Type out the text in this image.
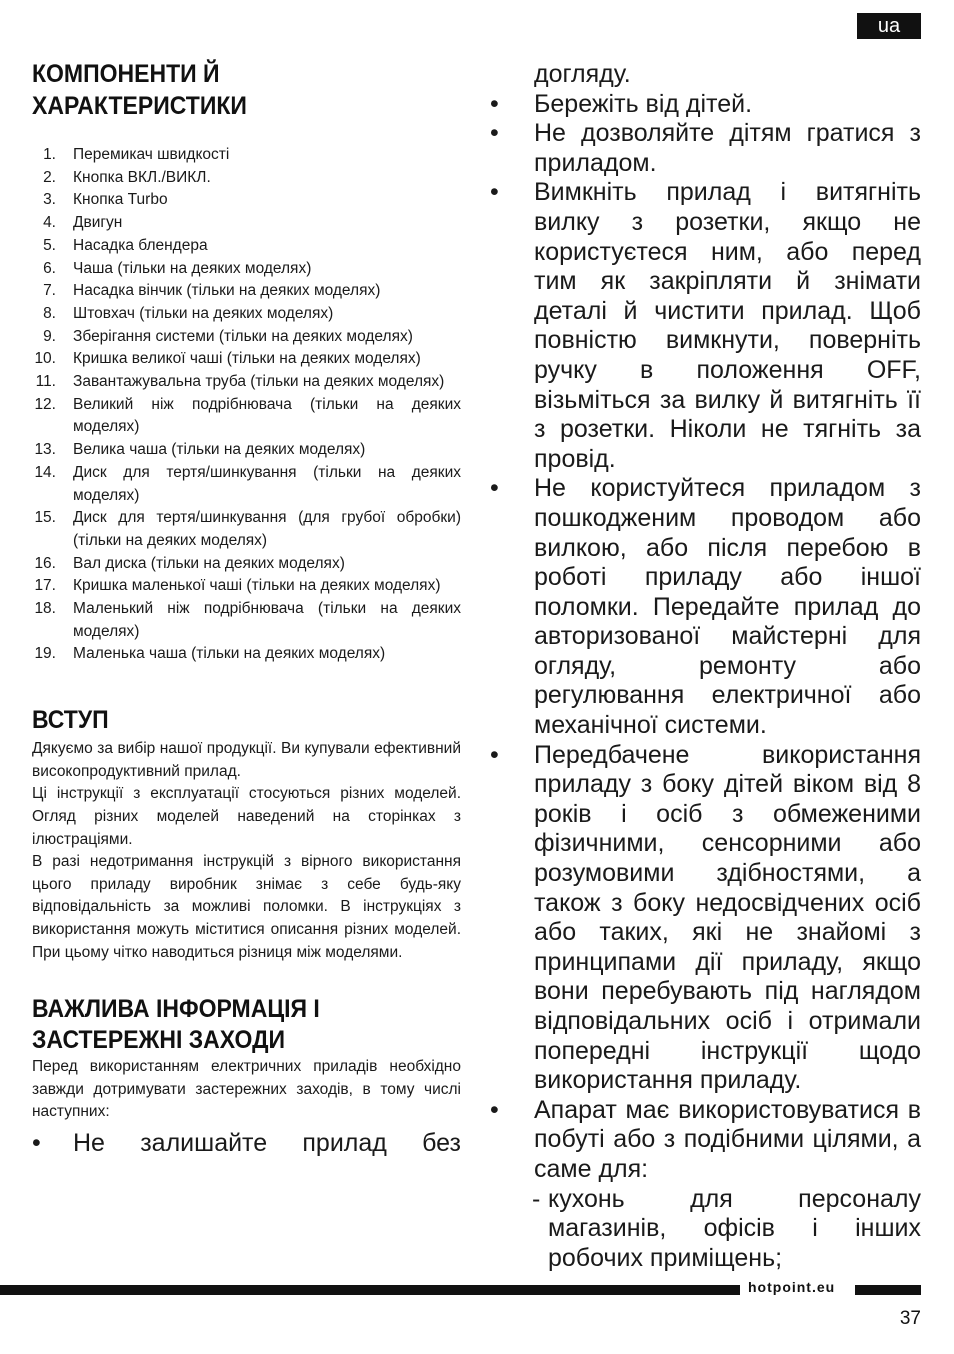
ua
КОМПОНЕНТИ Й
ХАРАКТЕРИСТИКИ
1. Перемикач швидкості
2. Кнопка ВКЛ./ВИКЛ.
3. Кнопка Turbo
4. Двигун
5. Насадка блендера
6. Чаша (тільки на деяких моделях)
7. Насадка вінчик (тільки на деяких моделях)
8. Штовхач (тільки на деяких моделях)
9. Зберігання системи (тільки на деяких моделях)
10. Кришка великої чаші (тільки на деяких моделях)
11. Завантажувальна труба (тільки на деяких моделях)
12. Великий ніж подрібнювача (тільки на деяких моделях)
13. Велика чаша (тільки на деяких моделях)
14. Диск для тертя/шинкування (тільки на деяких моделях)
15. Диск для тертя/шинкування (для грубої обробки) (тільки на деяких моделях)
16. Вал диска (тільки на деяких моделях)
17. Кришка маленької чаші (тільки на деяких моделях)
18. Маленький ніж подрібнювача (тільки на деяких моделях)
19. Маленька чаша (тільки на деяких моделях)
ВСТУП

Дякуємо за вибір нашої продукції. Ви купували ефективний високопродуктивний прилад.

Ці інструкції з експлуатації стосуються різних моделей. Огляд різних моделей наведений на сторінках з ілюстраціями.

В разі недотримання інструкцій з вірного використання цього приладу виробник знімає з себе будь-яку відповідальність за можливі поломки. В інструкціях з використання можуть міститися описання різних моделей. При цьому чітко наводиться різниця між моделями.

ВАЖЛИВА ІНФОРМАЦІЯ І
ЗАСТЕРЕЖНІ ЗАХОДИ

Перед використанням електричних приладів необхідно завжди дотримувати застережних заходів, в тому числі наступних:

• Не залишайте прилад без

догляду.

• Бережіть від дітей.
• Не дозволяйте дітям гратися з приладом.
• Вимкніть прилад і витягніть вилку з розетки, якщо не користуєтеся ним, або перед тим як закріпляти й знімати деталі й чистити прилад. Щоб повністю вимкнути, поверніть ручку в положення OFF, візьміться за вилку й витягніть її з розетки. Ніколи не тягніть за провід.
• Не користуйтеся приладом з пошкодженим проводом або вилкою, або після перебою в роботі приладу або іншої поломки. Передайте прилад до авторизованої майстерні для огляду, ремонту або регулювання електричної або механічної системи.
• Передбачене використання приладу з боку дітей віком від 8 років і осіб з обмеженими фізичними, сенсорними або розумовими здібностями, а також з боку недосвідчених осіб або таких, які не знайомі з принципами дії приладу, якщо вони перебувають під наглядом відповідальних осіб і отримали попередні інструкції щодо використання приладу.
• Апарат має використовуватися в побуті або з подібними цілями, а саме для:
- кухонь для персоналу магазинів, офісів і інших робочих приміщень;
hotpoint.eu
37
